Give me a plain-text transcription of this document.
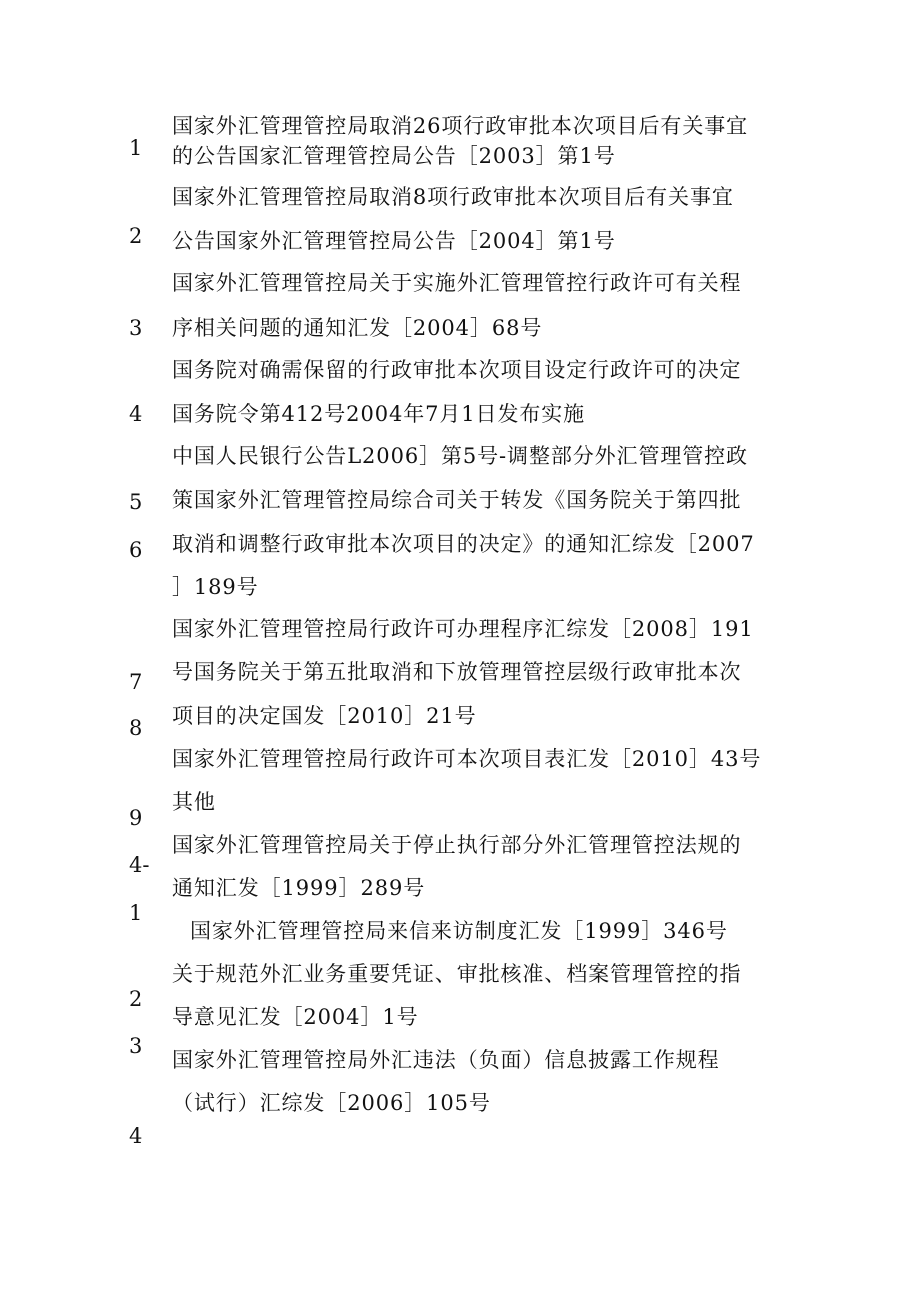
1
2
3
4
5
6
7
8
9
4-
1
2
3
4
国家外汇管理管控局取消26项行政审批本次项目后有关事宜
的公告国家汇管理管控局公告［2003］第1号
国家外汇管理管控局取消8项行政审批本次项目后有关事宜
公告国家外汇管理管控局公告［2004］第1号
国家外汇管理管控局关于实施外汇管理管控行政许可有关程
序相关问题的通知汇发［2004］68号
国务院对确需保留的行政审批本次项目设定行政许可的决定
国务院令第412号2004年7月1日发布实施
中国人民银行公告L2006］第5号-调整部分外汇管理管控政
策国家外汇管理管控局综合司关于转发《国务院关于第四批
取消和调整行政审批本次项目的决定》的通知汇综发［2007
］189号
国家外汇管理管控局行政许可办理程序汇综发［2008］191
号国务院关于第五批取消和下放管理管控层级行政审批本次
项目的决定国发［2010］21号
国家外汇管理管控局行政许可本次项目表汇发［2010］43号
其他
国家外汇管理管控局关于停止执行部分外汇管理管控法规的
通知汇发［1999］289号
国家外汇管理管控局来信来访制度汇发［1999］346号
关于规范外汇业务重要凭证、审批核准、档案管理管控的指
导意见汇发［2004］1号
国家外汇管理管控局外汇违法（负面）信息披露工作规程
（试行）汇综发［2006］105号
